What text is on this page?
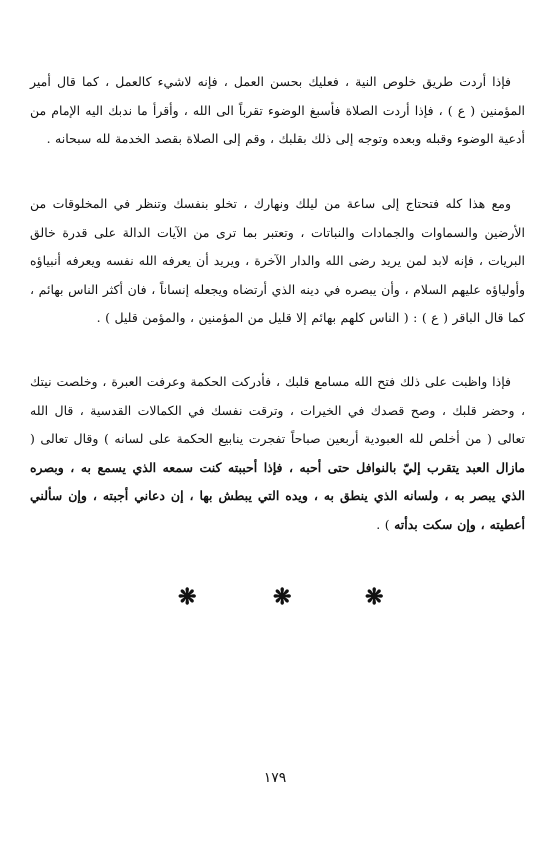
فإذا أردت طريق خلوص النية ، فعليك بحسن العمل ، فإنه لاشيء كالعمل ، كما قال أمير المؤمنين ( ع ) ، فإذا أردت الصلاة فأسبغ الوضوء تقرباً الى الله ، وأقرأ ما ندبك اليه الإمام من أدعية الوضوء وقبله وبعده وتوجه إلى ذلك بقلبك ، وقم إلى الصلاة بقصد الخدمة لله سبحانه .

ومع هذا كله فتحتاج إلى ساعة من ليلك ونهارك ، تخلو بنفسك وتنظر في المخلوقات من الأرضين والسماوات والجمادات والنباتات ، وتعتبر بما ترى من الآيات الدالة على قدرة خالق البريات ، فإنه لابد لمن يريد رضى الله والدار الآخرة ، ويريد أن يعرفه الله نفسه ويعرفه أنبياؤه وأولياؤه عليهم السلام ، وأن يبصره في دينه الذي أرتضاه ويجعله إنساناً ، فان أكثر الناس بهائم ، كما قال الباقر ( ع ) : ( الناس كلهم بهائم إلا قليل من المؤمنين ، والمؤمن قليل ) .

فإذا واظبت على ذلك فتح الله مسامع قلبك ، فأدركت الحكمة وعرفت العبرة ، وخلصت نيتك ، وحضر قلبك ، وصح قصدك في الخيرات ، وترقت نفسك في الكمالات القدسية ، قال الله تعالى ( من أخلص لله العبودية أربعين صباحاً تفجرت ينابيع الحكمة على لسانه ) وقال تعالى ( مازال العبد يتقرب إليّ بالنوافل حتى أحبه ، فإذا أحببته كنت سمعه الذي يسمع به ، وبصره الذي يبصر به ، ولسانه الذي ينطق به ، ويده التي يبطش بها ، إن دعاني أجبته ، وإن سألني أعطيته ، وإن سكت بدأته ) .

❋	❋	❋
١٧٩
